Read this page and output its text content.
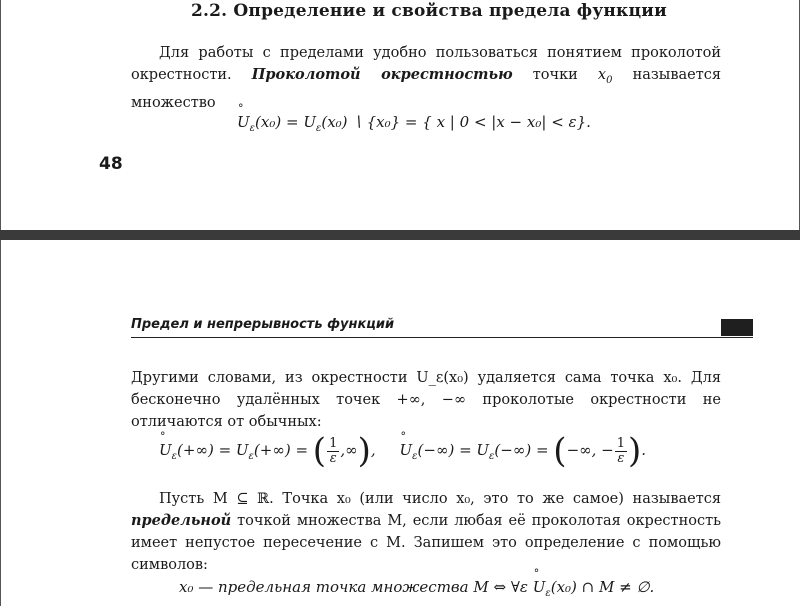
2.2. Определение и свойства предела функции

Для работы с пределами удобно пользоваться понятием проколотой окрестности. Проколотой окрестностью точки $x_0$ называется множество

° $U_\varepsilon(x_0) = U_\varepsilon(x_0)$ ∖ {x₀} = { x | 0 < |x − x₀| < ε}.

48

Предел и непрерывность функций

Другими словами, из окрестности U_ε(x₀) удаляется сама точка x₀. Для бесконечно удалённых точек +∞, −∞ проколотые окрестности не отличаются от обычных:

° $U_\varepsilon(+\infty) = U_\varepsilon(+\infty)$ = ( $\frac{1}{\varepsilon}$ ,∞),     ° $U_\varepsilon(-\infty) = U_\varepsilon(-\infty)$ = (−∞, − $\frac{1}{\varepsilon}$ ).

Пусть M ⊆ ℝ. Точка x₀ (или число x₀, это то же самое) называется предельной точкой множества M, если любая её проколотая окрестность имеет непустое пересечение с M. Запишем это определение с помощью символов:

x₀ — предельная точка множества M ⇔ ∀ε ° $U_\varepsilon(x_0)$ ∩ M ≠ ∅.
